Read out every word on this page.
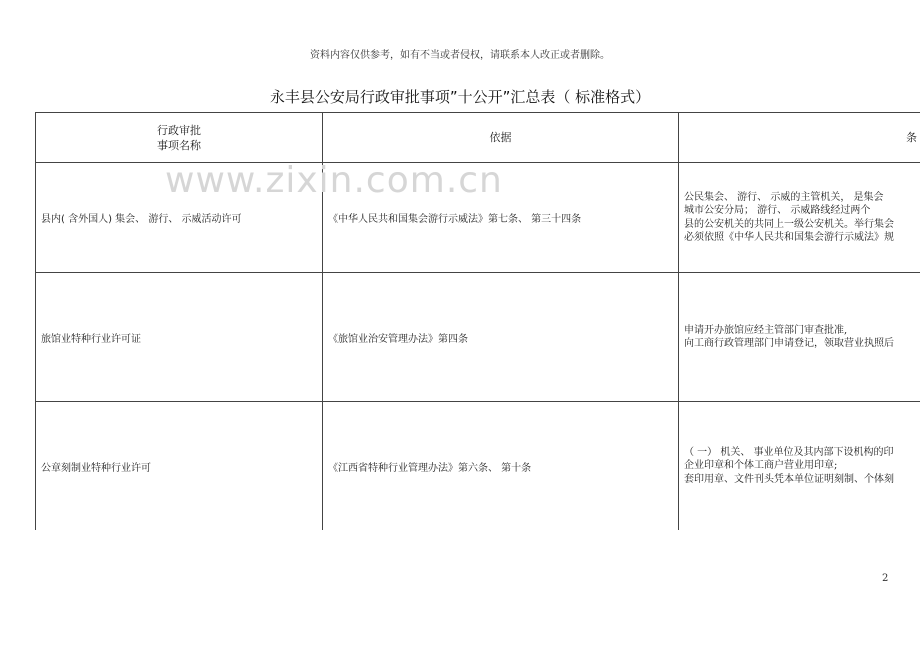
资料内容仅供参考，如有不当或者侵权，请联系本人改正或者删除。
永丰县公安局行政审批事项”十公开”汇总表（ 标准格式）
www.zixin.com.cn
行政审批
事项名称	依据	条
县内( 含外国人) 集会、 游行、 示威活动许可	《中华人民共和国集会游行示威法》第七条、 第三十四条	公民集会、 游行、 示威的主管机关， 是集会
城市公安分局； 游行、 示威路线经过两个
县的公安机关的共同上一级公安机关。举行集会
必须依照《中华人民共和国集会游行示威法》规

旅馆业特种行业许可证	《旅馆业治安管理办法》第四条	申请开办旅馆应经主管部门审查批准,
向工商行政管理部门申请登记，领取营业执照后

公章刻制业特种行业许可	《江西省特种行业管理办法》第六条、 第十条	（ 一） 机关、 事业单位及其内部下设机构的印
企业印章和个体工商户营业用印章;
套印用章、文件刊头凭本单位证明刻制、个体刻
2
